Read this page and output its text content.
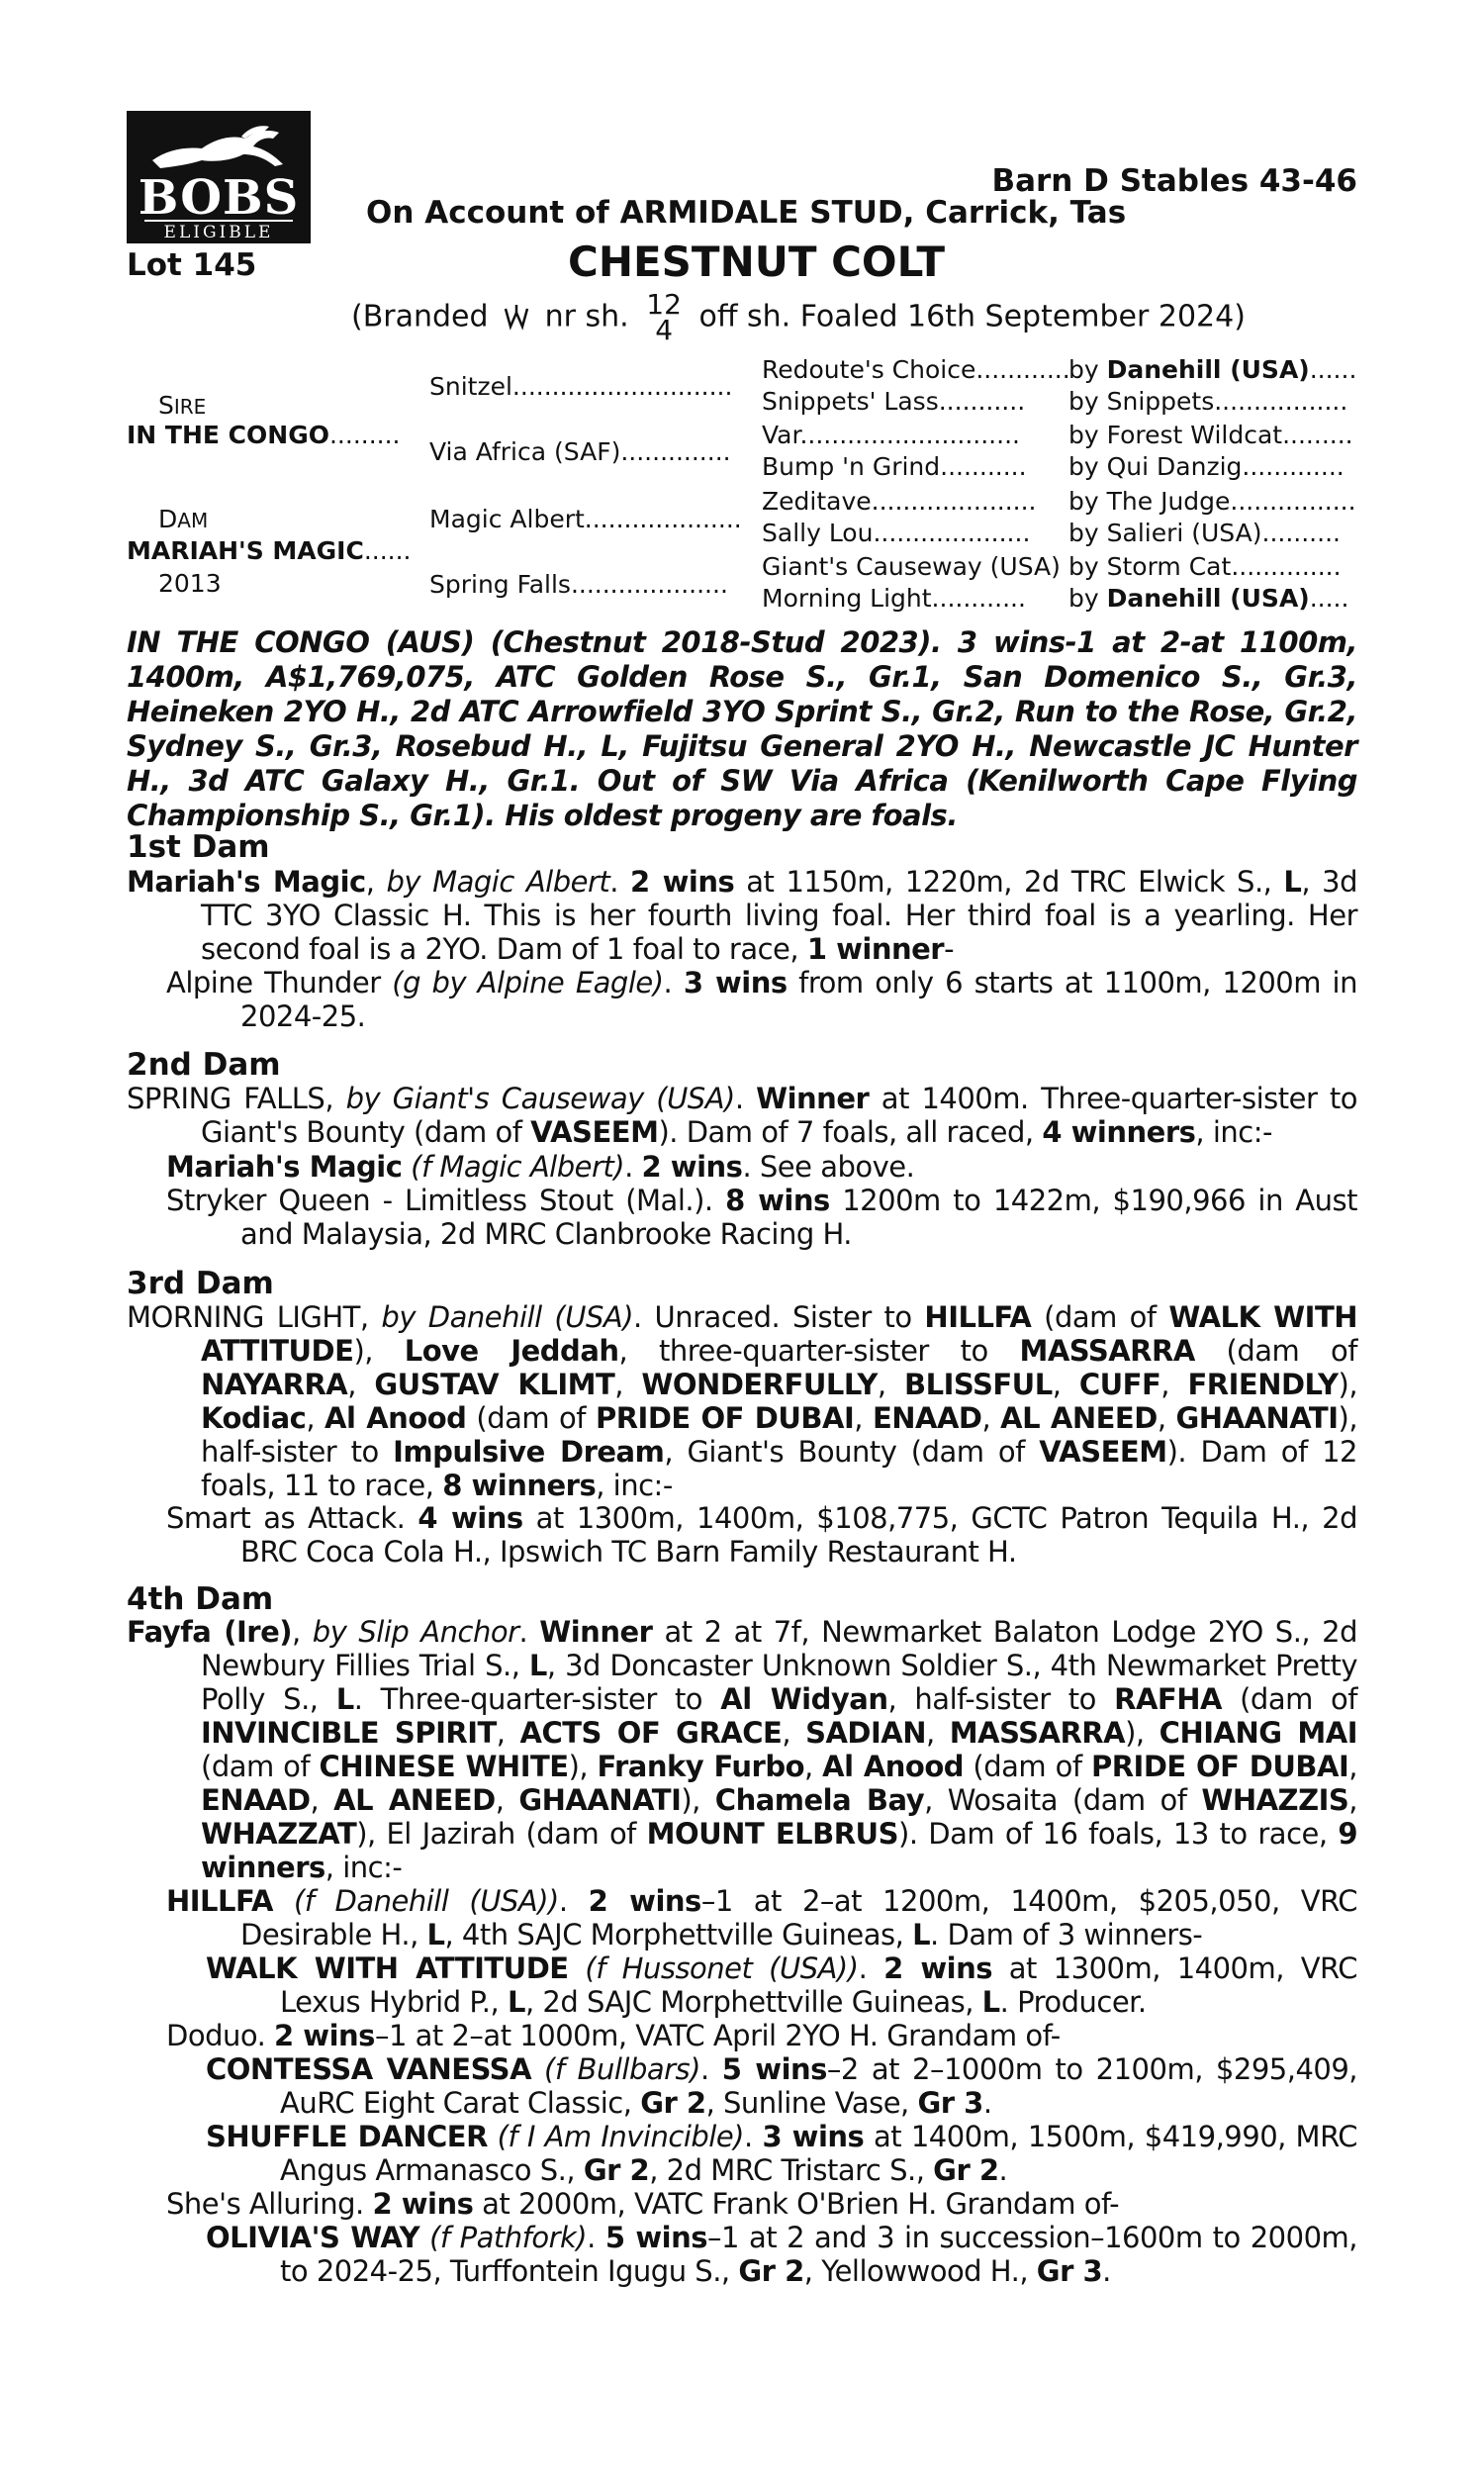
BOBS
ELIGIBLE
Barn D Stables 43-46
On Account of ARMIDALE STUD, Carrick, Tas
Lot 145	CHESTNUT COLT
(Branded nr sh. 12
4 off sh. Foaled 16th September 2024)
SIRE
IN THE CONGO.........
DAM
MARIAH'S MAGIC......
2013
Snitzel............................
Via Africa (SAF)..............
Magic Albert....................
Spring Falls....................
Redoute's Choice............
by Danehill (USA)......
Snippets' Lass........... by Snippets.................
Var............................ by Forest Wildcat.........
Bump 'n Grind........... by Qui Danzig.............
Zeditave..................... by The Judge................
Sally Lou.................... by Salieri (USA)..........
Giant's Causeway (USA) by Storm Cat..............
Morning Light............ by Danehill (USA).....
IN THE CONGO (AUS) (Chestnut 2018-Stud 2023). 3 wins-1 at 2-at 1100m, 1400m, A$1,769,075, ATC Golden Rose S., Gr.1, San Domenico S., Gr.3, Heineken 2YO H., 2d ATC Arrowfield 3YO Sprint S., Gr.2, Run to the Rose, Gr.2, Sydney S., Gr.3, Rosebud H., L, Fujitsu General 2YO H., Newcastle JC Hunter H., 3d ATC Galaxy H., Gr.1. Out of SW Via Africa (Kenilworth Cape Flying Championship S., Gr.1). His oldest progeny are foals.
1st Dam
Mariah's Magic, by Magic Albert. 2 wins at 1150m, 1220m, 2d TRC Elwick S., L, 3d TTC 3YO Classic H. This is her fourth living foal. Her third foal is a yearling. Her second foal is a 2YO. Dam of 1 foal to race, 1 winner-
Alpine Thunder (g by Alpine Eagle). 3 wins from only 6 starts at 1100m, 1200m in 2024-25.
2nd Dam
SPRING FALLS, by Giant's Causeway (USA). Winner at 1400m. Three-quarter-sister to Giant's Bounty (dam of VASEEM). Dam of 7 foals, all raced, 4 winners, inc:-
Mariah's Magic (f Magic Albert). 2 wins. See above.
Stryker Queen - Limitless Stout (Mal.). 8 wins 1200m to 1422m, $190,966 in Aust and Malaysia, 2d MRC Clanbrooke Racing H.
3rd Dam
MORNING LIGHT, by Danehill (USA). Unraced. Sister to HILLFA (dam of WALK WITH ATTITUDE), Love Jeddah, three-quarter-sister to MASSARRA (dam of NAYARRA, GUSTAV KLIMT, WONDERFULLY, BLISSFUL, CUFF, FRIENDLY), Kodiac, Al Anood (dam of PRIDE OF DUBAI, ENAAD, AL ANEED, GHAANATI), half-sister to Impulsive Dream, Giant's Bounty (dam of VASEEM). Dam of 12 foals, 11 to race, 8 winners, inc:-
Smart as Attack. 4 wins at 1300m, 1400m, $108,775, GCTC Patron Tequila H., 2d BRC Coca Cola H., Ipswich TC Barn Family Restaurant H.
4th Dam
Fayfa (Ire), by Slip Anchor. Winner at 2 at 7f, Newmarket Balaton Lodge 2YO S., 2d Newbury Fillies Trial S., L, 3d Doncaster Unknown Soldier S., 4th Newmarket Pretty Polly S., L. Three-quarter-sister to Al Widyan, half-sister to RAFHA (dam of INVINCIBLE SPIRIT, ACTS OF GRACE, SADIAN, MASSARRA), CHIANG MAI (dam of CHINESE WHITE), Franky Furbo, Al Anood (dam of PRIDE OF DUBAI, ENAAD, AL ANEED, GHAANATI), Chamela Bay, Wosaita (dam of WHAZZIS, WHAZZAT), El Jazirah (dam of MOUNT ELBRUS). Dam of 16 foals, 13 to race, 9 winners, inc:-
HILLFA (f Danehill (USA)). 2 wins–1 at 2–at 1200m, 1400m, $205,050, VRC Desirable H., L, 4th SAJC Morphettville Guineas, L. Dam of 3 winners-
WALK WITH ATTITUDE (f Hussonet (USA)). 2 wins at 1300m, 1400m, VRC Lexus Hybrid P., L, 2d SAJC Morphettville Guineas, L. Producer.
Doduo. 2 wins–1 at 2–at 1000m, VATC April 2YO H. Grandam of-
CONTESSA VANESSA (f Bullbars). 5 wins–2 at 2–1000m to 2100m, $295,409, AuRC Eight Carat Classic, Gr 2, Sunline Vase, Gr 3.
SHUFFLE DANCER (f I Am Invincible). 3 wins at 1400m, 1500m, $419,990, MRC Angus Armanasco S., Gr 2, 2d MRC Tristarc S., Gr 2.
She's Alluring. 2 wins at 2000m, VATC Frank O'Brien H. Grandam of-
OLIVIA'S WAY (f Pathfork). 5 wins–1 at 2 and 3 in succession–1600m to 2000m, to 2024-25, Turffontein Igugu S., Gr 2, Yellowwood H., Gr 3.
